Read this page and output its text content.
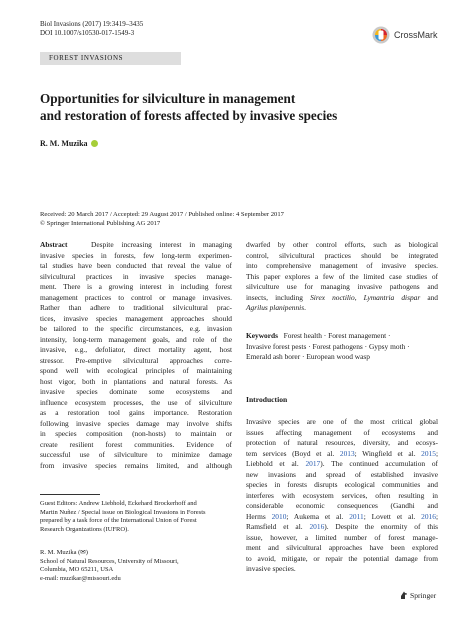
Biol Invasions (2017) 19:3419–3435
DOI 10.1007/s10530-017-1549-3	CrossMark
FOREST INVASIONS
Opportunities for silviculture in management
and restoration of forests affected by invasive species
R. M. Muzika
Received: 20 March 2017 / Accepted: 29 August 2017 / Published online: 4 September 2017
© Springer International Publishing AG 2017

Abstract	Despite increasing interest in managing

invasive species in forests, few long-term experimen-

tal studies have been conducted that reveal the value of

silvicultural practices in invasive species manage-

ment. There is a growing interest in including forest

management practices to control or manage invasives.

Rather than adhere to traditional silvicultural prac-

tices, invasive species management approaches should

be tailored to the specific circumstances, e.g. invasion

intensity, long-term management goals, and role of the

invasive, e.g., defoliator, direct mortality agent, host

stressor. Pre-emptive silvicultural approaches corre-

spond well with ecological principles of maintaining

host vigor, both in plantations and natural forests. As

invasive species dominate some ecosystems and

influence ecosystem processes, the use of silviculture

as a restoration tool gains importance. Restoration

following invasive species damage may involve shifts

in species composition (non-hosts) to maintain or

create resilient forest communities. Evidence of

successful use of silviculture to minimize damage

from invasive species remains limited, and although

dwarfed by other control efforts, such as biological

control, silvicultural practices should be integrated

into comprehensive management of invasive species.

This paper explores a few of the limited case studies of

silviculture use for managing invasive pathogens and

insects, including Sirex noctilio, Lymantria dispar and

Agrilus planipennis.

Keywords Forest health · Forest management ·
Invasive forest pests · Forest pathogens · Gypsy moth ·
Emerald ash borer · European wood wasp
Introduction

Invasive species are one of the most critical global

issues affecting management of ecosystems and

protection of natural resources, diversity, and ecosys-

tem services (Boyd et al. 2013; Wingfield et al. 2015;

Liebhold et al. 2017). The continued accumulation of

new invasions and spread of established invasive

species in forests disrupts ecological communities and

interferes with ecosystem services, often resulting in

considerable economic consequences (Gandhi and

Herms 2010; Aukema et al. 2011; Lovett et al. 2016;

Ramsfield et al. 2016). Despite the enormity of this

issue, however, a limited number of forest manage-

ment and silvicultural approaches have been explored

to avoid, mitigate, or repair the potential damage from

invasive species.

Guest Editors: Andrew Liebhold, Eckehard Brockerhoff and
Martin Nuñez / Special issue on Biological Invasions in Forests
prepared by a task force of the International Union of Forest
Research Organizations (IUFRO).
R. M. Muzika (✉)
School of Natural Resources, University of Missouri,
Columbia, MO 65211, USA
e-mail: muzikar@missouri.edu
Springer
